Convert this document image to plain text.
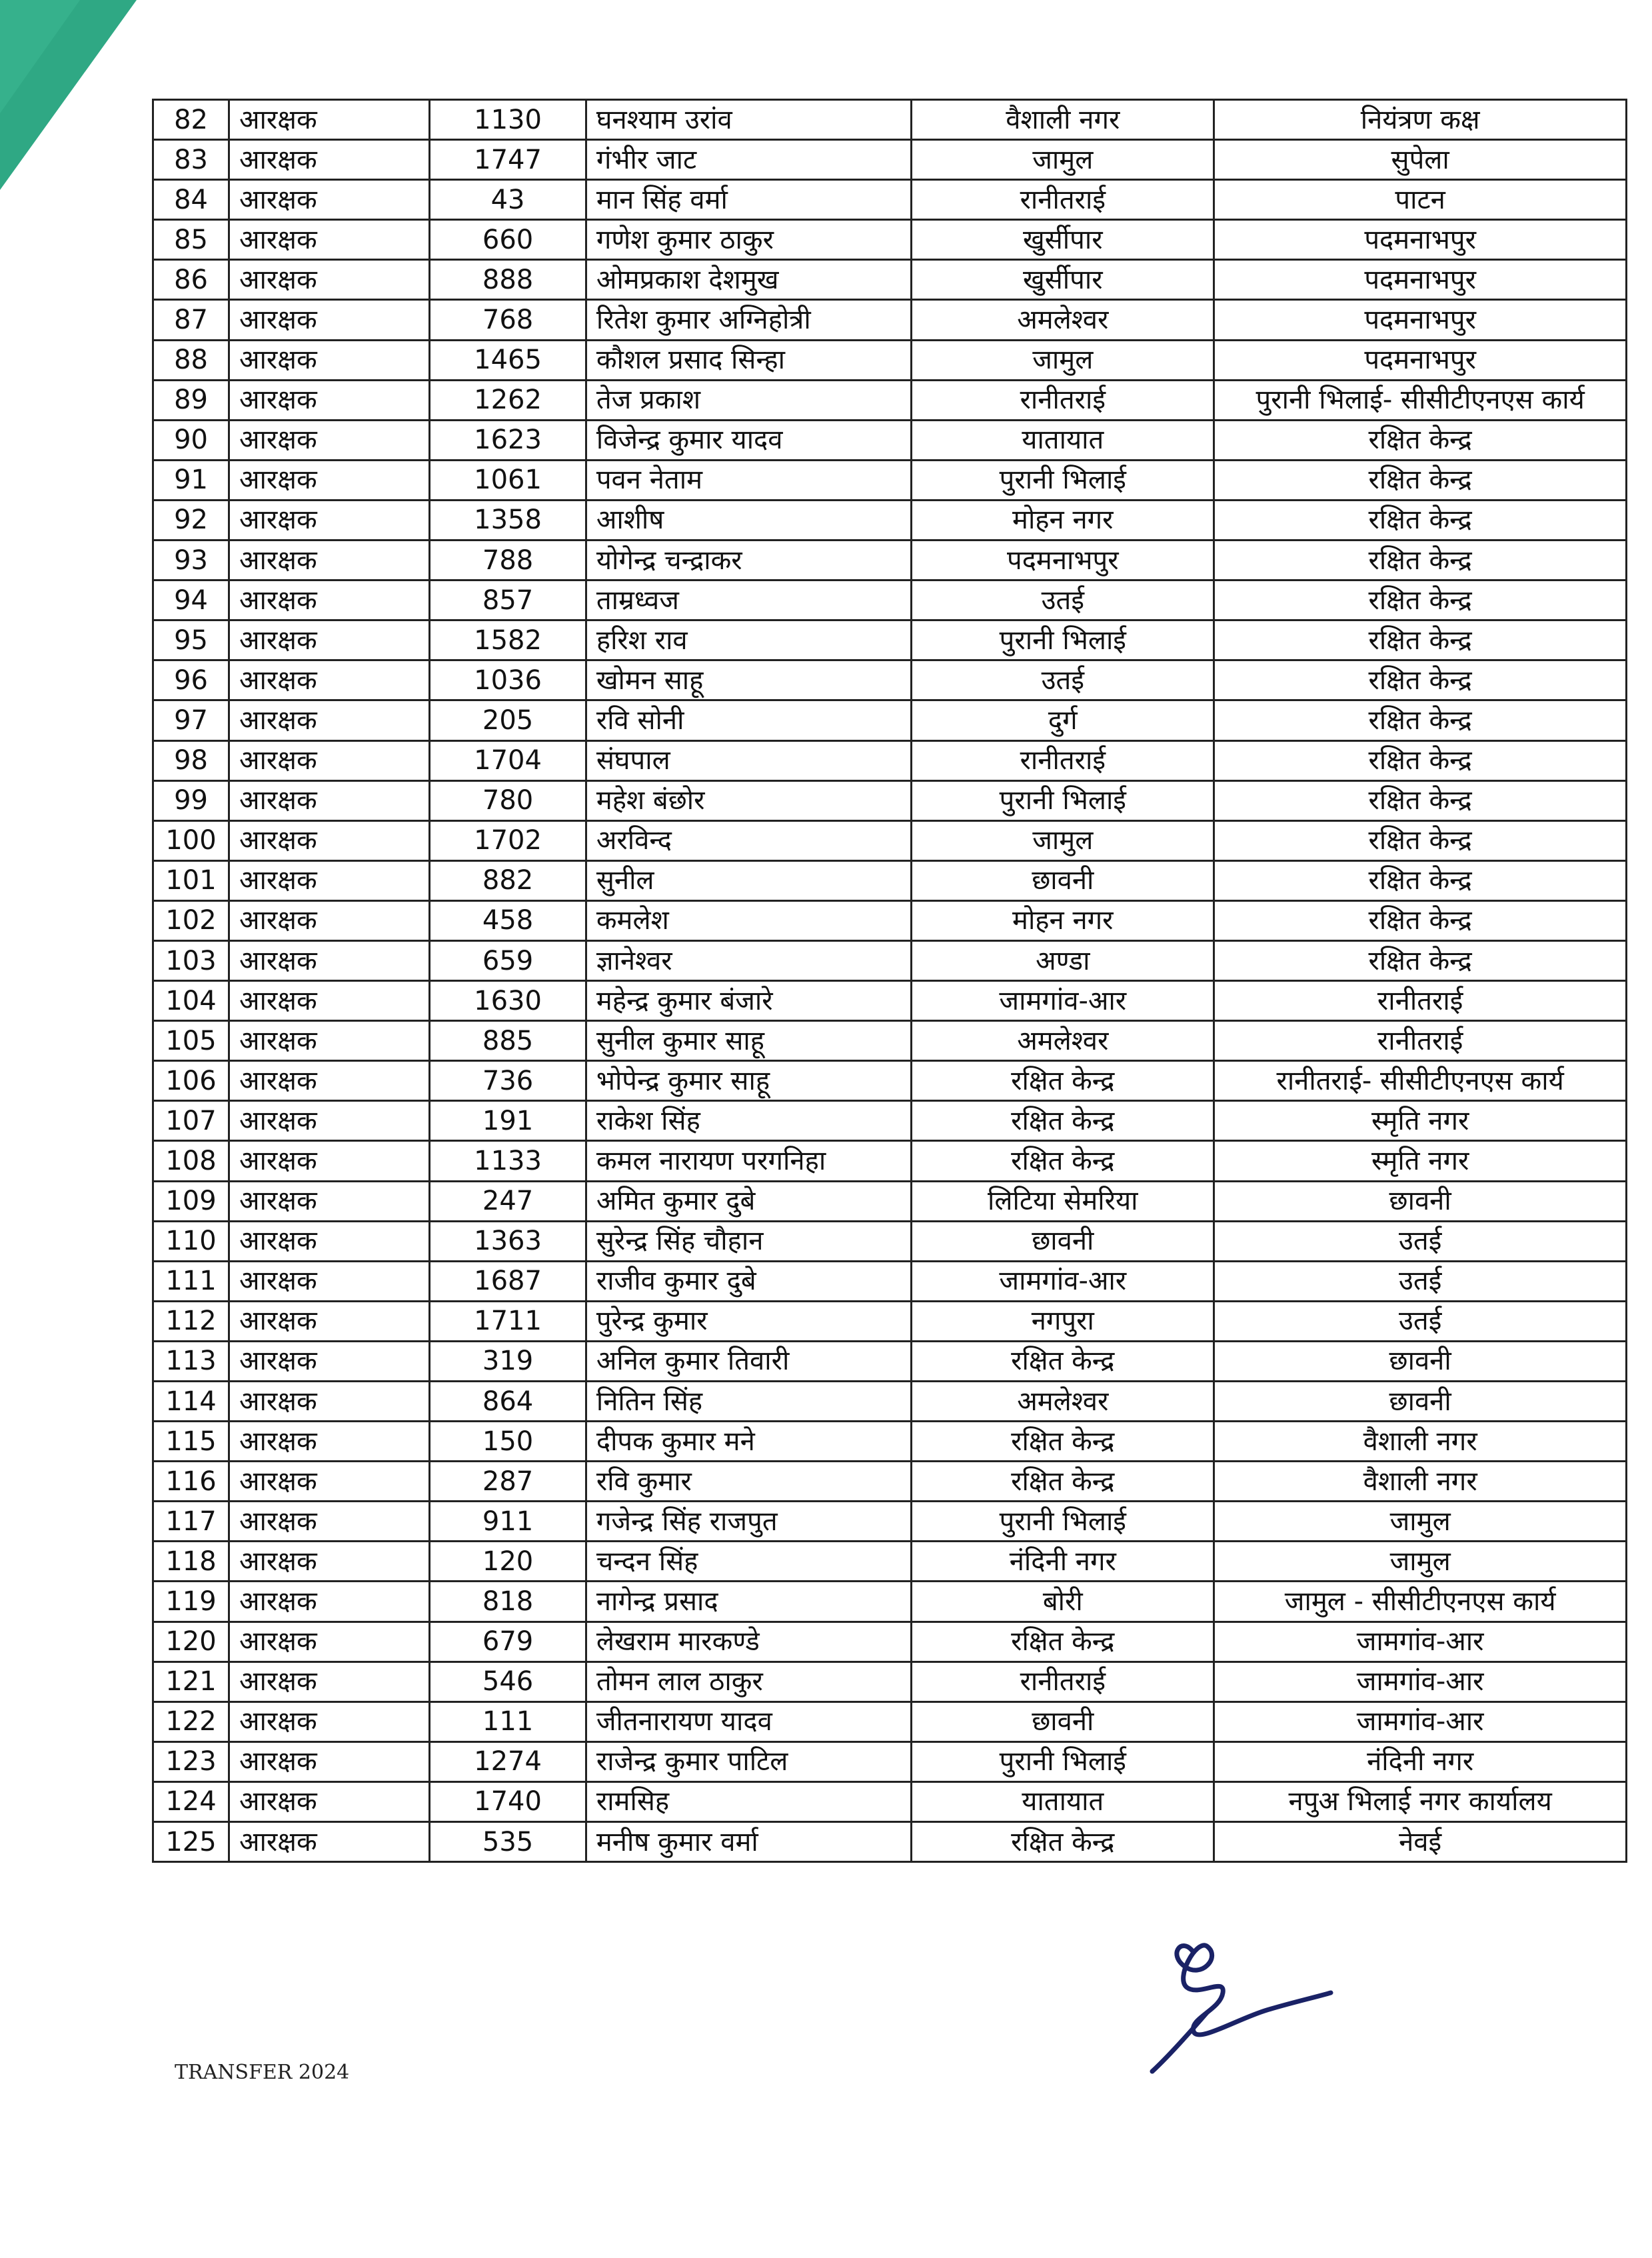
82	आरक्षक	1130	घनश्याम उरांव	वैशाली नगर	नियंत्रण कक्ष
83	आरक्षक	1747	गंभीर जाट	जामुल	सुपेला
84	आरक्षक	43	मान सिंह वर्मा	रानीतराई	पाटन
85	आरक्षक	660	गणेश कुमार ठाकुर	खुर्सीपार	पदमनाभपुर
86	आरक्षक	888	ओमप्रकाश देशमुख	खुर्सीपार	पदमनाभपुर
87	आरक्षक	768	रितेश कुमार अग्निहोत्री	अमलेश्वर	पदमनाभपुर
88	आरक्षक	1465	कौशल प्रसाद सिन्हा	जामुल	पदमनाभपुर
89	आरक्षक	1262	तेज प्रकाश	रानीतराई	पुरानी भिलाई- सीसीटीएनएस कार्य
90	आरक्षक	1623	विजेन्द्र कुमार यादव	यातायात	रक्षित केन्द्र
91	आरक्षक	1061	पवन नेताम	पुरानी भिलाई	रक्षित केन्द्र
92	आरक्षक	1358	आशीष	मोहन नगर	रक्षित केन्द्र
93	आरक्षक	788	योगेन्द्र चन्द्राकर	पदमनाभपुर	रक्षित केन्द्र
94	आरक्षक	857	ताम्रध्वज	उतई	रक्षित केन्द्र
95	आरक्षक	1582	हरिश राव	पुरानी भिलाई	रक्षित केन्द्र
96	आरक्षक	1036	खोमन साहू	उतई	रक्षित केन्द्र
97	आरक्षक	205	रवि सोनी	दुर्ग	रक्षित केन्द्र
98	आरक्षक	1704	संघपाल	रानीतराई	रक्षित केन्द्र
99	आरक्षक	780	महेश बंछोर	पुरानी भिलाई	रक्षित केन्द्र
100	आरक्षक	1702	अरविन्द	जामुल	रक्षित केन्द्र
101	आरक्षक	882	सुनील	छावनी	रक्षित केन्द्र
102	आरक्षक	458	कमलेश	मोहन नगर	रक्षित केन्द्र
103	आरक्षक	659	ज्ञानेश्वर	अण्डा	रक्षित केन्द्र
104	आरक्षक	1630	महेन्द्र कुमार बंजारे	जामगांव-आर	रानीतराई
105	आरक्षक	885	सुनील कुमार साहू	अमलेश्वर	रानीतराई
106	आरक्षक	736	भोपेन्द्र कुमार साहू	रक्षित केन्द्र	रानीतराई- सीसीटीएनएस कार्य
107	आरक्षक	191	राकेश सिंह	रक्षित केन्द्र	स्मृति नगर
108	आरक्षक	1133	कमल नारायण परगनिहा	रक्षित केन्द्र	स्मृति नगर
109	आरक्षक	247	अमित कुमार दुबे	लिटिया सेमरिया	छावनी
110	आरक्षक	1363	सुरेन्द्र सिंह चौहान	छावनी	उतई
111	आरक्षक	1687	राजीव कुमार दुबे	जामगांव-आर	उतई
112	आरक्षक	1711	पुरेन्द्र कुमार	नगपुरा	उतई
113	आरक्षक	319	अनिल कुमार तिवारी	रक्षित केन्द्र	छावनी
114	आरक्षक	864	नितिन सिंह	अमलेश्वर	छावनी
115	आरक्षक	150	दीपक कुमार मने	रक्षित केन्द्र	वैशाली नगर
116	आरक्षक	287	रवि कुमार	रक्षित केन्द्र	वैशाली नगर
117	आरक्षक	911	गजेन्द्र सिंह राजपुत	पुरानी भिलाई	जामुल
118	आरक्षक	120	चन्दन सिंह	नंदिनी नगर	जामुल
119	आरक्षक	818	नागेन्द्र प्रसाद	बोरी	जामुल - सीसीटीएनएस कार्य
120	आरक्षक	679	लेखराम मारकण्डे	रक्षित केन्द्र	जामगांव-आर
121	आरक्षक	546	तोमन लाल ठाकुर	रानीतराई	जामगांव-आर
122	आरक्षक	111	जीतनारायण यादव	छावनी	जामगांव-आर
123	आरक्षक	1274	राजेन्द्र कुमार पाटिल	पुरानी भिलाई	नंदिनी नगर
124	आरक्षक	1740	रामसिह	यातायात	नपुअ भिलाई नगर कार्यालय
125	आरक्षक	535	मनीष कुमार वर्मा	रक्षित केन्द्र	नेवई
TRANSFER 2024
